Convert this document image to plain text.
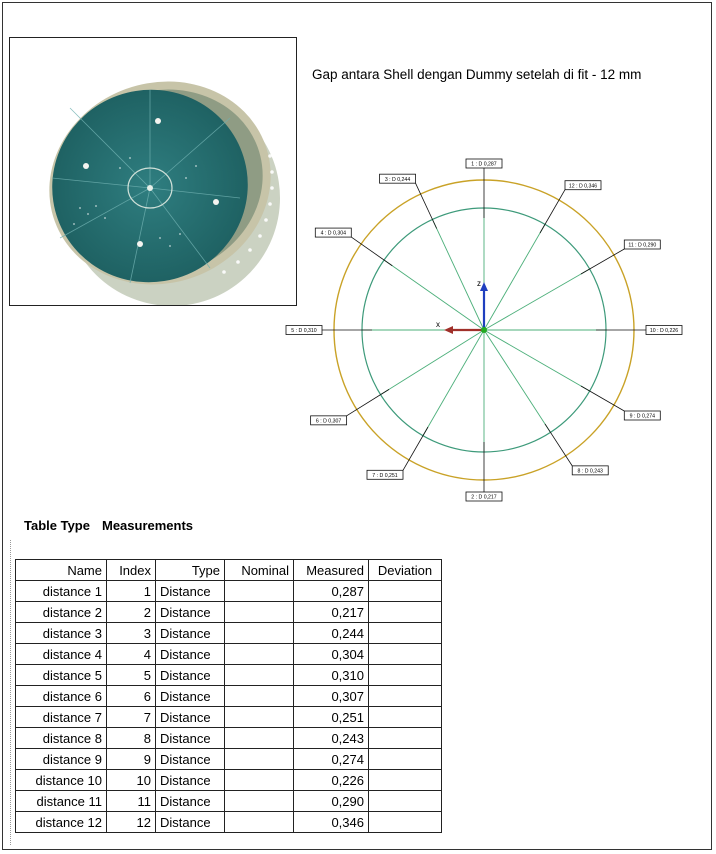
Gap antara Shell dengan Dummy setelah di fit - 12 mm
z
x
1 : D 0,287
2 : D 0,217
3 : D 0,244
4 : D 0,304
5 : D 0,310
6 : D 0,307
7 : D 0,251
8 : D 0,243
9 : D 0,274
10 : D 0,226
11 : D 0,290
12 : D 0,346
Table Type Measurements
Name	Index	Type	Nominal	Measured	Deviation
distance 1	1	Distance		0,287	
distance 2	2	Distance		0,217	
distance 3	3	Distance		0,244	
distance 4	4	Distance		0,304	
distance 5	5	Distance		0,310	
distance 6	6	Distance		0,307	
distance 7	7	Distance		0,251	
distance 8	8	Distance		0,243	
distance 9	9	Distance		0,274	
distance 10	10	Distance		0,226	
distance 11	11	Distance		0,290	
distance 12	12	Distance		0,346	
